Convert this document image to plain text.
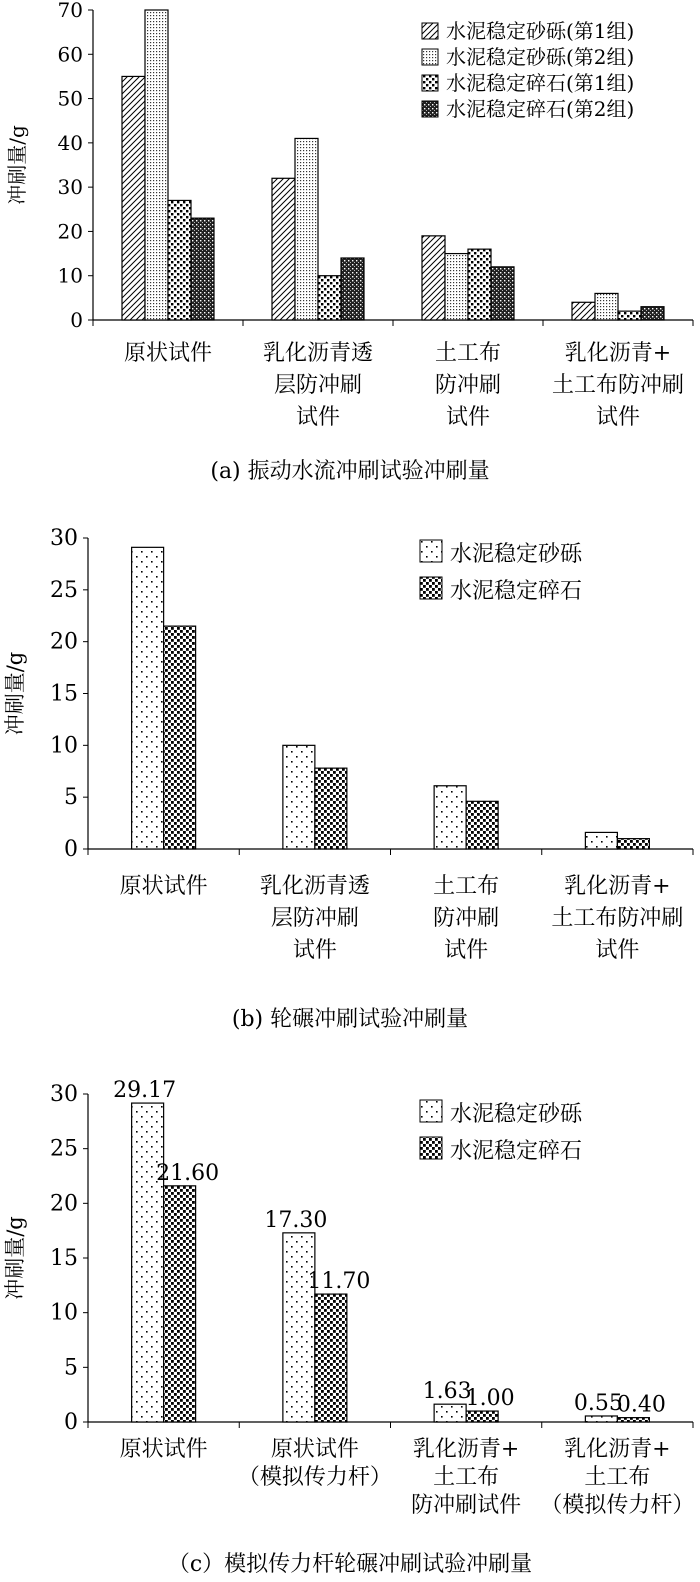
0
10
20
30
40
50
60
70
冲刷量/g
原状试件 乳化沥青透
层防冲刷
试件
土工布
防冲刷
试件
乳化沥青+
土工布防冲刷
试件
水泥稳定砂砾(第1组)
水泥稳定砂砾(第2组)
水泥稳定碎石(第1组)
水泥稳定碎石(第2组)
(a) 振动水流冲刷试验冲刷量
0
5
10
15
20
25
30
冲刷量/g
原状试件 乳化沥青透
层防冲刷
试件
土工布
防冲刷
试件
乳化沥青+
土工布防冲刷
试件
水泥稳定砂砾
水泥稳定碎石
(b) 轮碾冲刷试验冲刷量
0
5
10
15
20
25
30
冲刷量/g
29.17
17.30
1.63	0.55
21.60
11.70
1.00	0.40
原状试件	原状试件
（模拟传力杆）
乳化沥青+
土工布
防冲刷试件
乳化沥青+
土工布
（模拟传力杆）
水泥稳定砂砾
水泥稳定碎石
（c）模拟传力杆轮碾冲刷试验冲刷量
